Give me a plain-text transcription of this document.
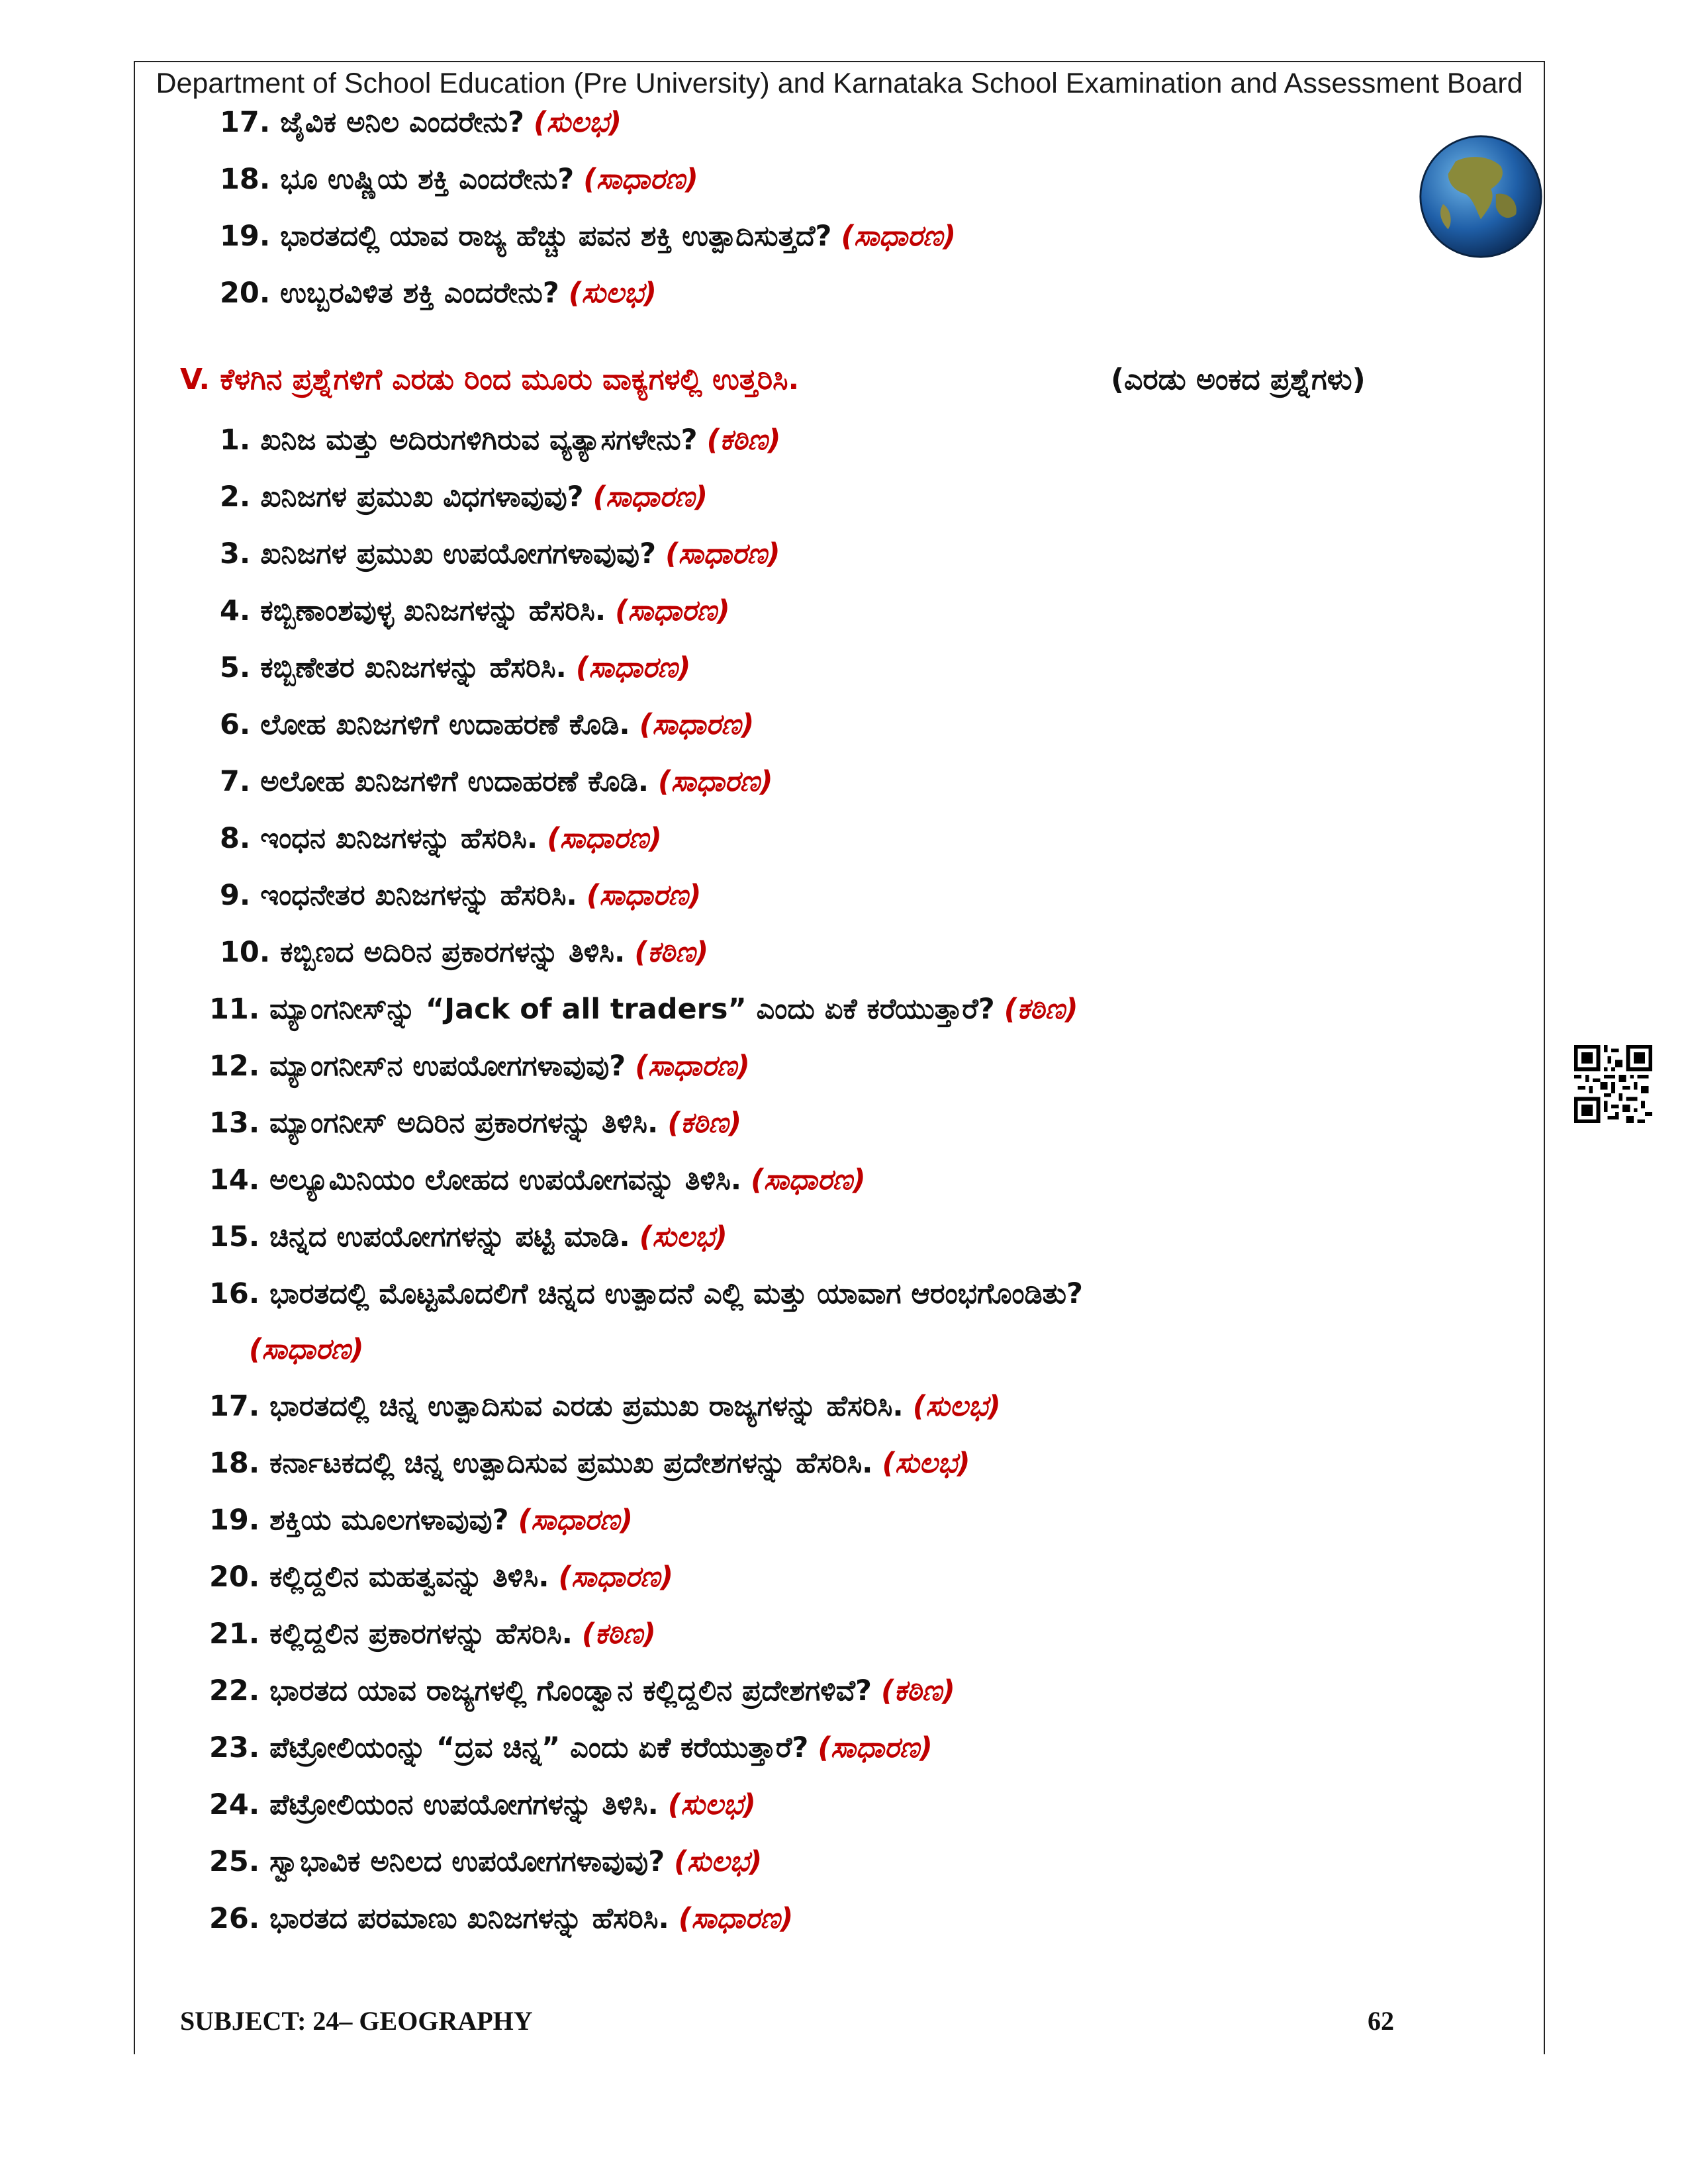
Department of School Education (Pre University) and Karnataka School Examination and Assessment Board
17. ಜೈವಿಕ ಅನಿಲ ಎಂದರೇನು? (ಸುಲಭ)
18. ಭೂ ಉಷ್ಣಿಯ ಶಕ್ತಿ ಎಂದರೇನು? (ಸಾಧಾರಣ)
19. ಭಾರತದಲ್ಲಿ ಯಾವ ರಾಜ್ಯ ಹೆಚ್ಚು ಪವನ ಶಕ್ತಿ ಉತ್ಪಾದಿಸುತ್ತದೆ? (ಸಾಧಾರಣ)
20. ಉಬ್ಬರವಿಳಿತ ಶಕ್ತಿ ಎಂದರೇನು? (ಸುಲಭ)
V. ಕೆಳಗಿನ ಪ್ರಶ್ನೆಗಳಿಗೆ ಎರಡು ರಿಂದ ಮೂರು ವಾಕ್ಯಗಳಲ್ಲಿ ಉತ್ತರಿಸಿ.	(ಎರಡು ಅಂಕದ ಪ್ರಶ್ನೆಗಳು)
1. ಖನಿಜ ಮತ್ತು ಅದಿರುಗಳಿಗಿರುವ ವ್ಯತ್ಯಾಸಗಳೇನು? (ಕಠಿಣ)
2. ಖನಿಜಗಳ ಪ್ರಮುಖ ವಿಧಗಳಾವುವು? (ಸಾಧಾರಣ)
3. ಖನಿಜಗಳ ಪ್ರಮುಖ ಉಪಯೋಗಗಳಾವುವು? (ಸಾಧಾರಣ)
4. ಕಬ್ಬಿಣಾಂಶವುಳ್ಳ ಖನಿಜಗಳನ್ನು ಹೆಸರಿಸಿ. (ಸಾಧಾರಣ)
5. ಕಬ್ಬಿಣೇತರ ಖನಿಜಗಳನ್ನು ಹೆಸರಿಸಿ. (ಸಾಧಾರಣ)
6. ಲೋಹ ಖನಿಜಗಳಿಗೆ ಉದಾಹರಣೆ ಕೊಡಿ. (ಸಾಧಾರಣ)
7. ಅಲೋಹ ಖನಿಜಗಳಿಗೆ ಉದಾಹರಣೆ ಕೊಡಿ. (ಸಾಧಾರಣ)
8. ಇಂಧನ ಖನಿಜಗಳನ್ನು ಹೆಸರಿಸಿ. (ಸಾಧಾರಣ)
9. ಇಂಧನೇತರ ಖನಿಜಗಳನ್ನು ಹೆಸರಿಸಿ. (ಸಾಧಾರಣ)
10. ಕಬ್ಬಿಣದ ಅದಿರಿನ ಪ್ರಕಾರಗಳನ್ನು ತಿಳಿಸಿ. (ಕಠಿಣ)
11. ಮ್ಯಾಂಗನೀಸ್‌ನ್ನು “Jack of all traders” ಎಂದು ಏಕೆ ಕರೆಯುತ್ತಾರೆ? (ಕಠಿಣ)
12. ಮ್ಯಾಂಗನೀಸ್‌ನ ಉಪಯೋಗಗಳಾವುವು? (ಸಾಧಾರಣ)
13. ಮ್ಯಾಂಗನೀಸ್ ಅದಿರಿನ ಪ್ರಕಾರಗಳನ್ನು ತಿಳಿಸಿ. (ಕಠಿಣ)
14. ಅಲ್ಯೂಮಿನಿಯಂ ಲೋಹದ ಉಪಯೋಗವನ್ನು ತಿಳಿಸಿ. (ಸಾಧಾರಣ)
15. ಚಿನ್ನದ ಉಪಯೋಗಗಳನ್ನು ಪಟ್ಟಿ ಮಾಡಿ. (ಸುಲಭ)
16. ಭಾರತದಲ್ಲಿ ಮೊಟ್ಟಮೊದಲಿಗೆ ಚಿನ್ನದ ಉತ್ಪಾದನೆ ಎಲ್ಲಿ ಮತ್ತು ಯಾವಾಗ ಆರಂಭಗೊಂಡಿತು?
(ಸಾಧಾರಣ)
17. ಭಾರತದಲ್ಲಿ ಚಿನ್ನ ಉತ್ಪಾದಿಸುವ ಎರಡು ಪ್ರಮುಖ ರಾಜ್ಯಗಳನ್ನು ಹೆಸರಿಸಿ. (ಸುಲಭ)
18. ಕರ್ನಾಟಕದಲ್ಲಿ ಚಿನ್ನ ಉತ್ಪಾದಿಸುವ ಪ್ರಮುಖ ಪ್ರದೇಶಗಳನ್ನು ಹೆಸರಿಸಿ. (ಸುಲಭ)
19. ಶಕ್ತಿಯ ಮೂಲಗಳಾವುವು? (ಸಾಧಾರಣ)
20. ಕಲ್ಲಿದ್ದಲಿನ ಮಹತ್ವವನ್ನು ತಿಳಿಸಿ. (ಸಾಧಾರಣ)
21. ಕಲ್ಲಿದ್ದಲಿನ ಪ್ರಕಾರಗಳನ್ನು ಹೆಸರಿಸಿ. (ಕಠಿಣ)
22. ಭಾರತದ ಯಾವ ರಾಜ್ಯಗಳಲ್ಲಿ ಗೊಂಡ್ವಾನ ಕಲ್ಲಿದ್ದಲಿನ ಪ್ರದೇಶಗಳಿವೆ? (ಕಠಿಣ)
23. ಪೆಟ್ರೋಲಿಯಂನ್ನು “ದ್ರವ ಚಿನ್ನ” ಎಂದು ಏಕೆ ಕರೆಯುತ್ತಾರೆ? (ಸಾಧಾರಣ)
24. ಪೆಟ್ರೋಲಿಯಂನ ಉಪಯೋಗಗಳನ್ನು ತಿಳಿಸಿ. (ಸುಲಭ)
25. ಸ್ವಾಭಾವಿಕ ಅನಿಲದ ಉಪಯೋಗಗಳಾವುವು? (ಸುಲಭ)
26. ಭಾರತದ ಪರಮಾಣು ಖನಿಜಗಳನ್ನು ಹೆಸರಿಸಿ. (ಸಾಧಾರಣ)
SUBJECT: 24– GEOGRAPHY	62
